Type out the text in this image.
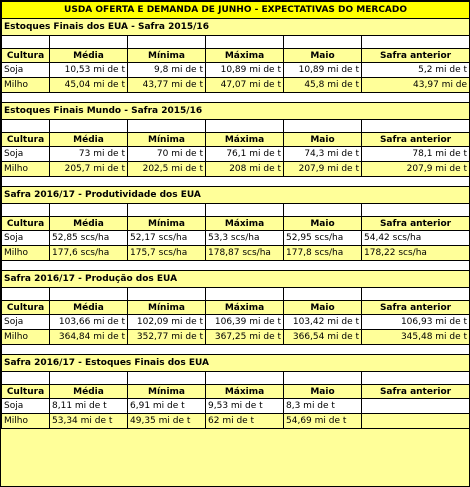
USDA OFERTA E DEMANDA DE JUNHO - EXPECTATIVAS DO MERCADO					
Estoques Finais dos EUA - Safra 2015/16					

Cultura	Média	Mínima	Máxima	Maio	Safra anterior
Soja	10,53 mi de t	9,8 mi de t	10,89 mi de t	10,89 mi de t	5,2 mi de t
Milho	45,04 mi de t	43,77 mi de t	47,07 mi de t	45,8 mi de t	43,97 mi de

Estoques Finais Mundo - Safra 2015/16					

Cultura	Média	Mínima	Máxima	Maio	Safra anterior
Soja	73 mi de t	70 mi de t	76,1 mi de t	74,3 mi de t	78,1 mi de t
Milho	205,7 mi de t	202,5 mi de t	208 mi de t	207,9 mi de t	207,9 mi de t

Safra 2016/17 - Produtividade dos EUA					

Cultura	Média	Mínima	Máxima	Maio	Safra anterior
Soja	52,85 scs/ha	52,17 scs/ha	53,3 scs/ha	52,95 scs/ha	54,42 scs/ha
Milho	177,6 scs/ha	175,7 scs/ha	178,87 scs/ha	177,8 scs/ha	178,22 scs/ha

Safra 2016/17 - Produção dos EUA					

Cultura	Média	Mínima	Máxima	Maio	Safra anterior
Soja	103,66 mi de t	102,09 mi de t	106,39 mi de t	103,42 mi de t	106,93 mi de t
Milho	364,84 mi de t	352,77 mi de t	367,25 mi de t	366,54 mi de t	345,48 mi de t

Safra 2016/17 - Estoques Finais dos EUA					

Cultura	Média	Mínima	Máxima	Maio	Safra anterior
Soja	8,11 mi de t	6,91 mi de t	9,53 mi de t	8,3 mi de t	
Milho	53,34 mi de t	49,35 mi de t	62 mi de t	54,69 mi de t	
